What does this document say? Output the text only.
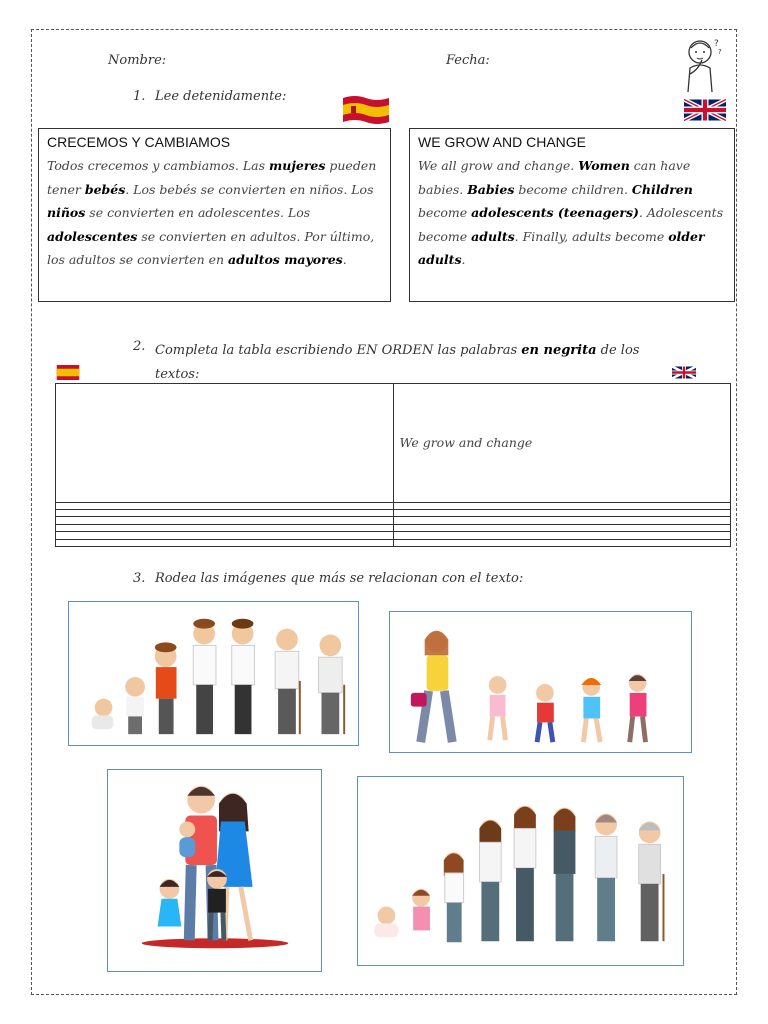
Nombre:	Fecha:
?
?
1. Lee detenidamente:
CRECEMOS Y CAMBIAMOS

Todos crecemos y cambiamos. Las mujeres pueden tener bebés. Los bebés se convierten en niños. Los niños se convierten en adolescentes. Los adolescentes se convierten en adultos. Por último, los adultos se convierten en adultos mayores.

WE GROW AND CHANGE

We all grow and change. Women can have babies. Babies become children. Children become adolescents (teenagers). Adolescents become adults. Finally, adults become older adults.

2. Completa la tabla escribiendo EN ORDEN las palabras en negrita de los textos:
	We grow and change

3. Rodea las imágenes que más se relacionan con el texto:
